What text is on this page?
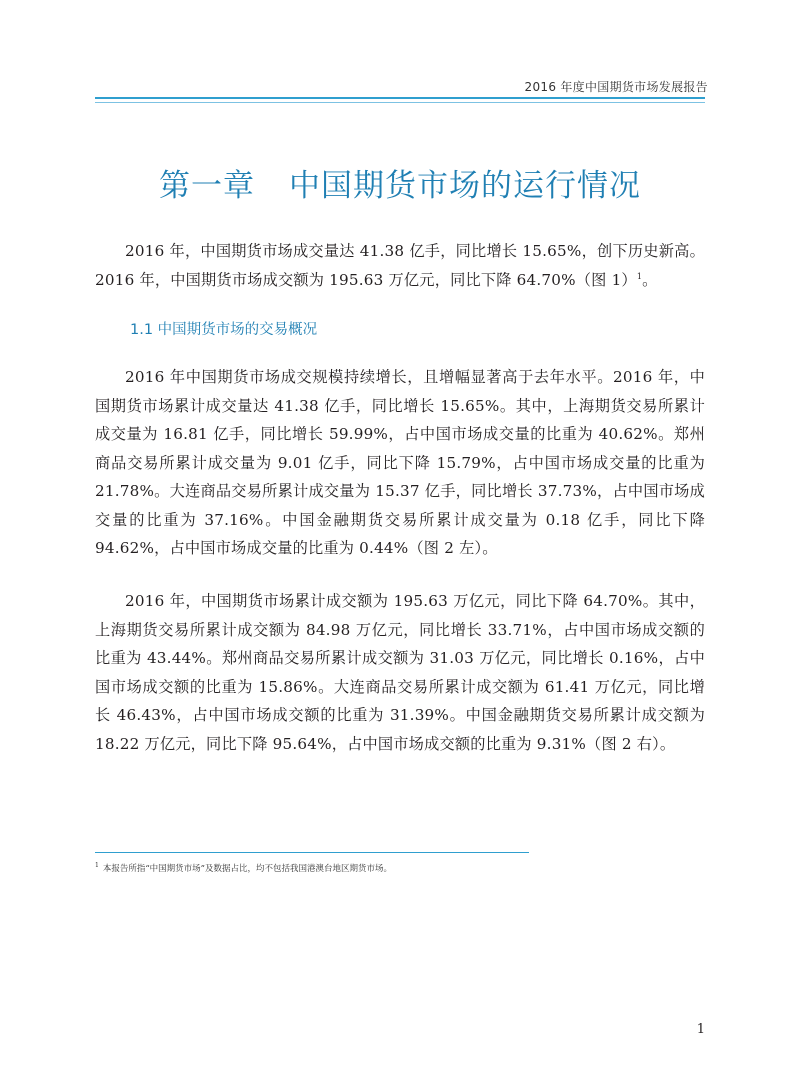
2016 年度中国期货市场发展报告
第一章 中国期货市场的运行情况

2016 年，中国期货市场成交量达 41.38 亿手，同比增长 15.65%，创下历史新高。2016 年，中国期货市场成交额为 195.63 万亿元，同比下降 64.70%（图 1）$^1$。

1.1 中国期货市场的交易概况

2016 年中国期货市场成交规模持续增长，且增幅显著高于去年水平。2016 年，中国期货市场累计成交量达 41.38 亿手，同比增长 15.65%。其中，上海期货交易所累计成交量为 16.81 亿手，同比增长 59.99%，占中国市场成交量的比重为 40.62%。郑州商品交易所累计成交量为 9.01 亿手，同比下降 15.79%，占中国市场成交量的比重为 21.78%。大连商品交易所累计成交量为 15.37 亿手，同比增长 37.73%，占中国市场成交量的比重为 37.16%。中国金融期货交易所累计成交量为 0.18 亿手，同比下降 94.62%，占中国市场成交量的比重为 0.44%（图 2 左）。

2016 年，中国期货市场累计成交额为 195.63 万亿元，同比下降 64.70%。其中，上海期货交易所累计成交额为 84.98 万亿元，同比增长 33.71%，占中国市场成交额的比重为 43.44%。郑州商品交易所累计成交额为 31.03 万亿元，同比增长 0.16%，占中国市场成交额的比重为 15.86%。大连商品交易所累计成交额为 61.41 万亿元，同比增长 46.43%，占中国市场成交额的比重为 31.39%。中国金融期货交易所累计成交额为 18.22 万亿元，同比下降 95.64%，占中国市场成交额的比重为 9.31%（图 2 右）。

$^1$ 本报告所指“中国期货市场”及数据占比，均不包括我国港澳台地区期货市场。

1
